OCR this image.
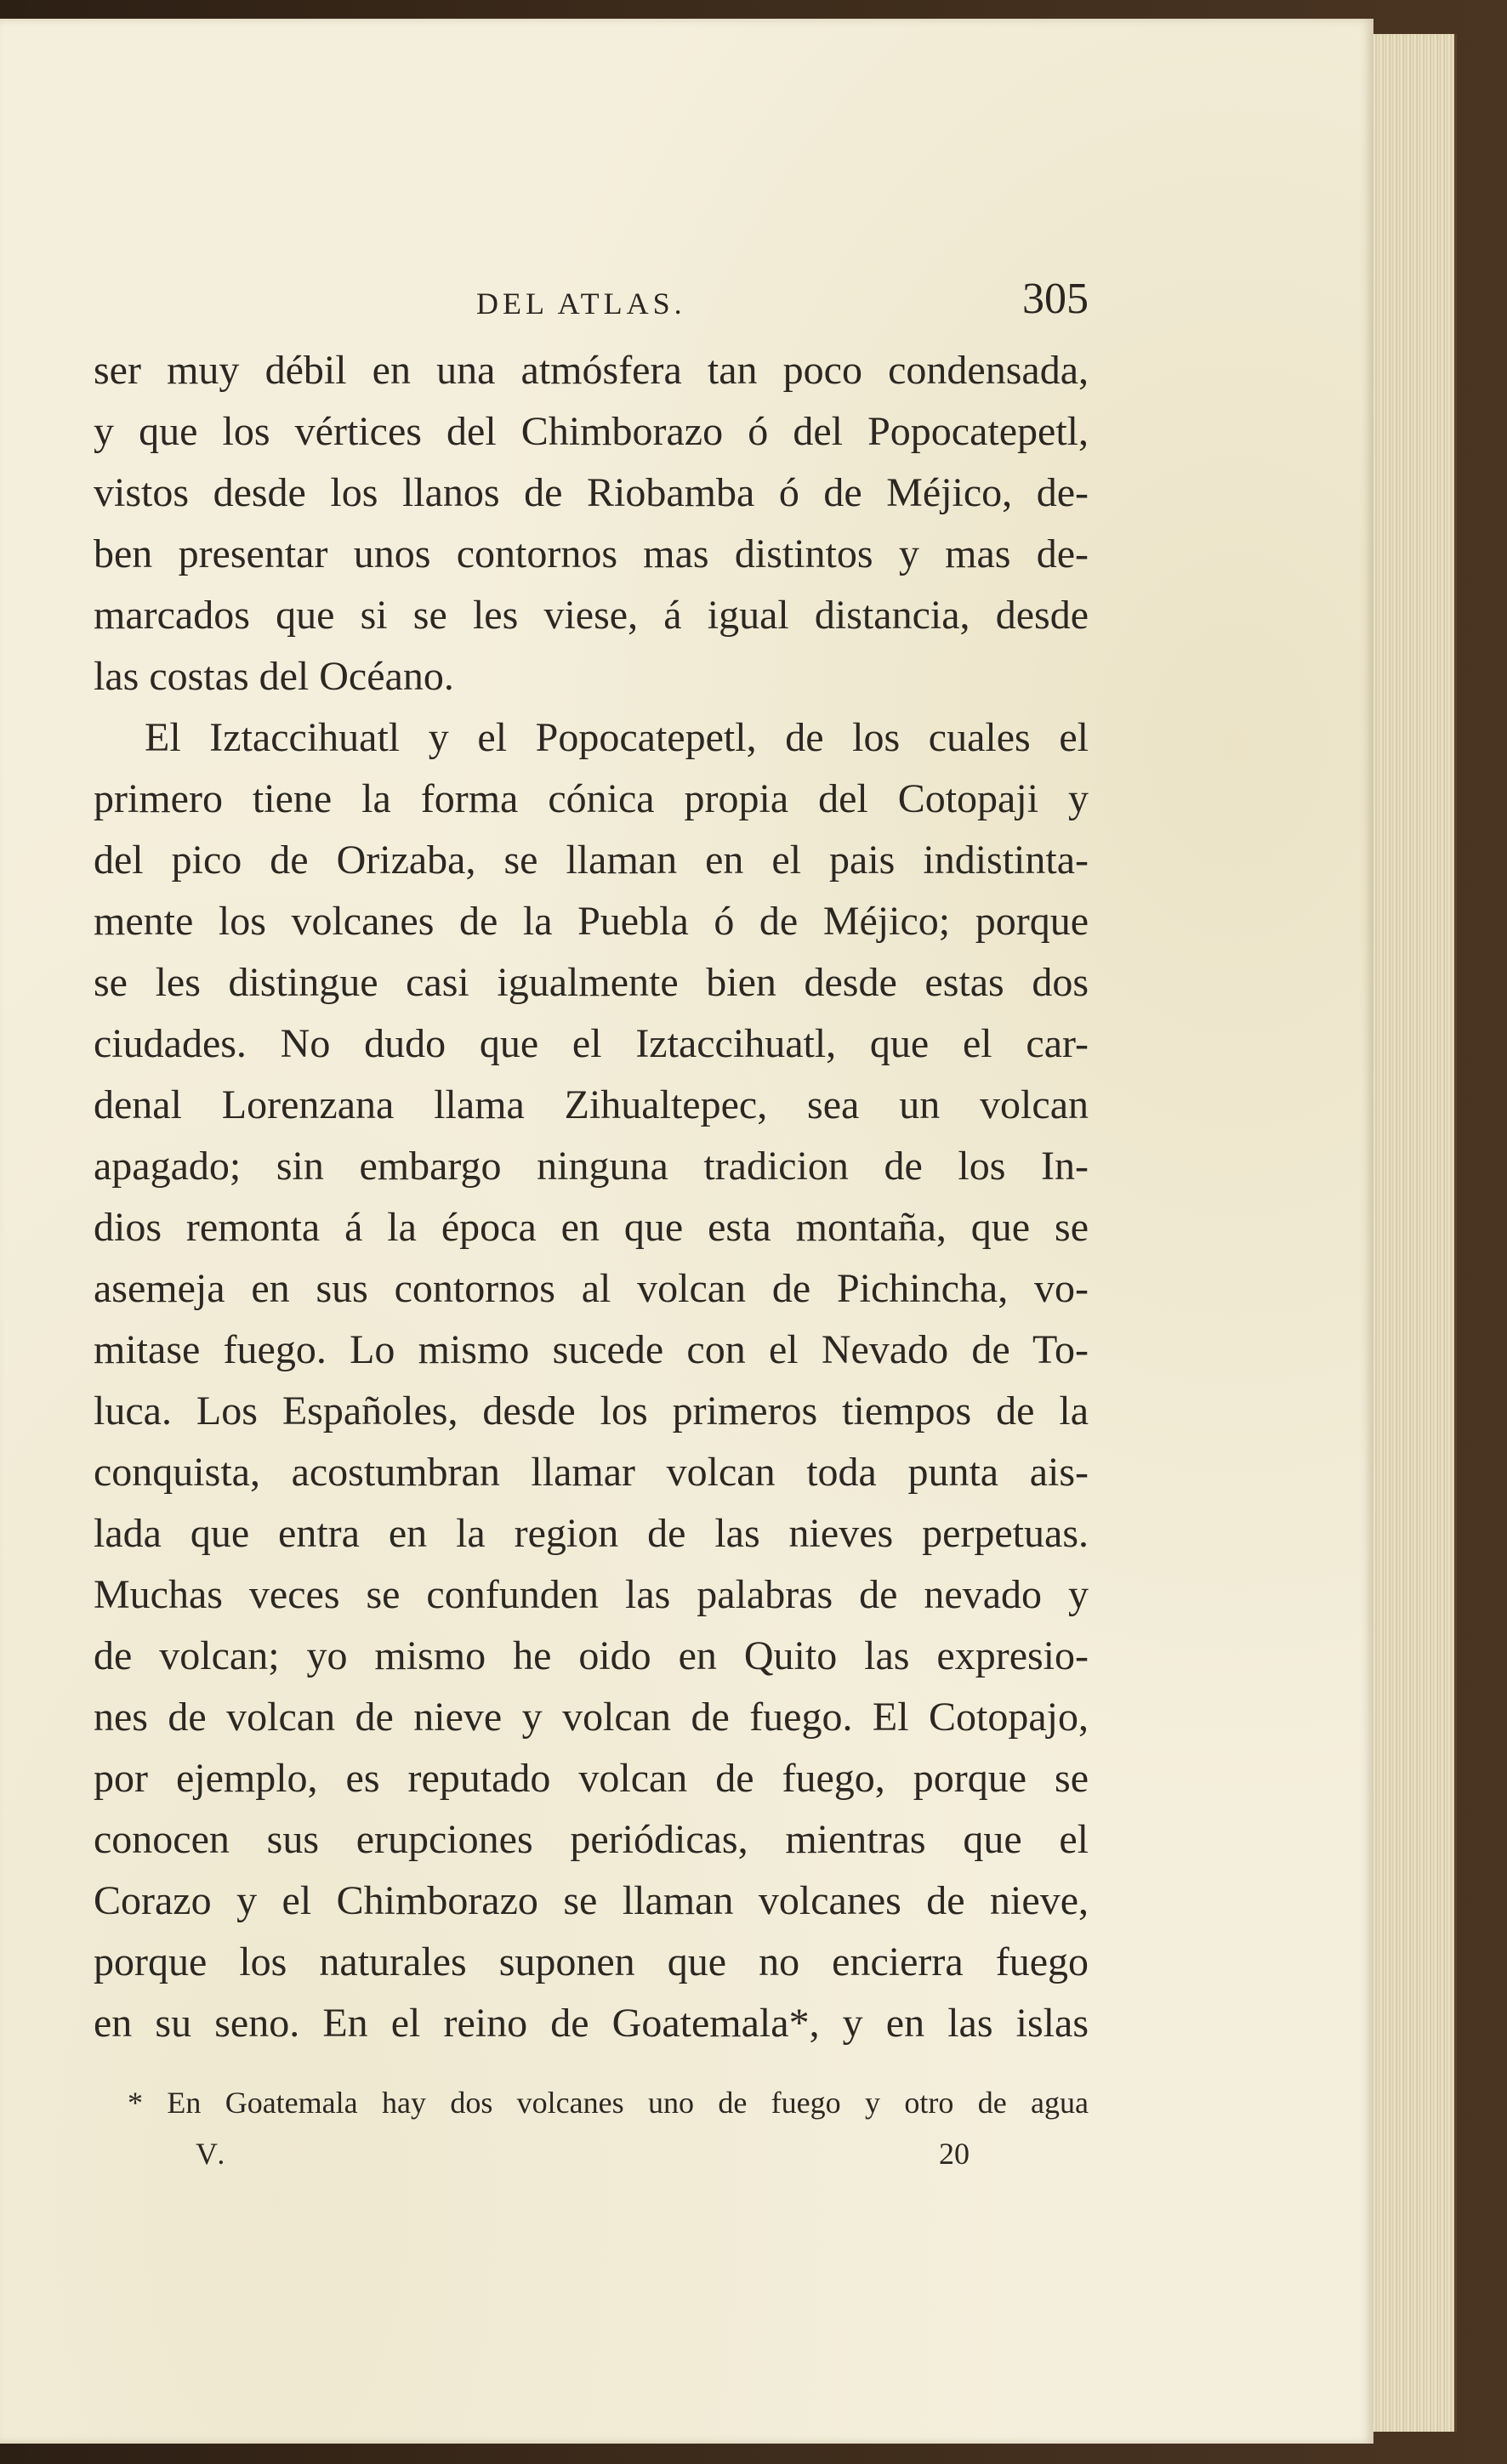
DEL ATLAS.	305
ser muy débil en una atmósfera tan poco condensada,
y que los vértices del Chimborazo ó del Popocatepetl,
vistos desde los llanos de Riobamba ó de Méjico, de-
ben presentar unos contornos mas distintos y mas de-
marcados que si se les viese, á igual distancia, desde
las costas del Océano.
El Iztaccihuatl y el Popocatepetl, de los cuales el
primero tiene la forma cónica propia del Cotopaji y
del pico de Orizaba, se llaman en el pais indistinta-
mente los volcanes de la Puebla ó de Méjico; porque
se les distingue casi igualmente bien desde estas dos
ciudades. No dudo que el Iztaccihuatl, que el car-
denal Lorenzana llama Zihualtepec, sea un volcan
apagado; sin embargo ninguna tradicion de los In-
dios remonta á la época en que esta montaña, que se
asemeja en sus contornos al volcan de Pichincha, vo-
mitase fuego. Lo mismo sucede con el Nevado de To-
luca. Los Españoles, desde los primeros tiempos de la
conquista, acostumbran llamar volcan toda punta ais-
lada que entra en la region de las nieves perpetuas.
Muchas veces se confunden las palabras de nevado y
de volcan; yo mismo he oido en Quito las expresio-
nes de volcan de nieve y volcan de fuego. El Cotopajo,
por ejemplo, es reputado volcan de fuego, porque se
conocen sus erupciones periódicas, mientras que el
Corazo y el Chimborazo se llaman volcanes de nieve,
porque los naturales suponen que no encierra fuego
en su seno. En el reino de Goatemala*, y en las islas
* En Goatemala hay dos volcanes uno de fuego y otro de agua
V.	20
